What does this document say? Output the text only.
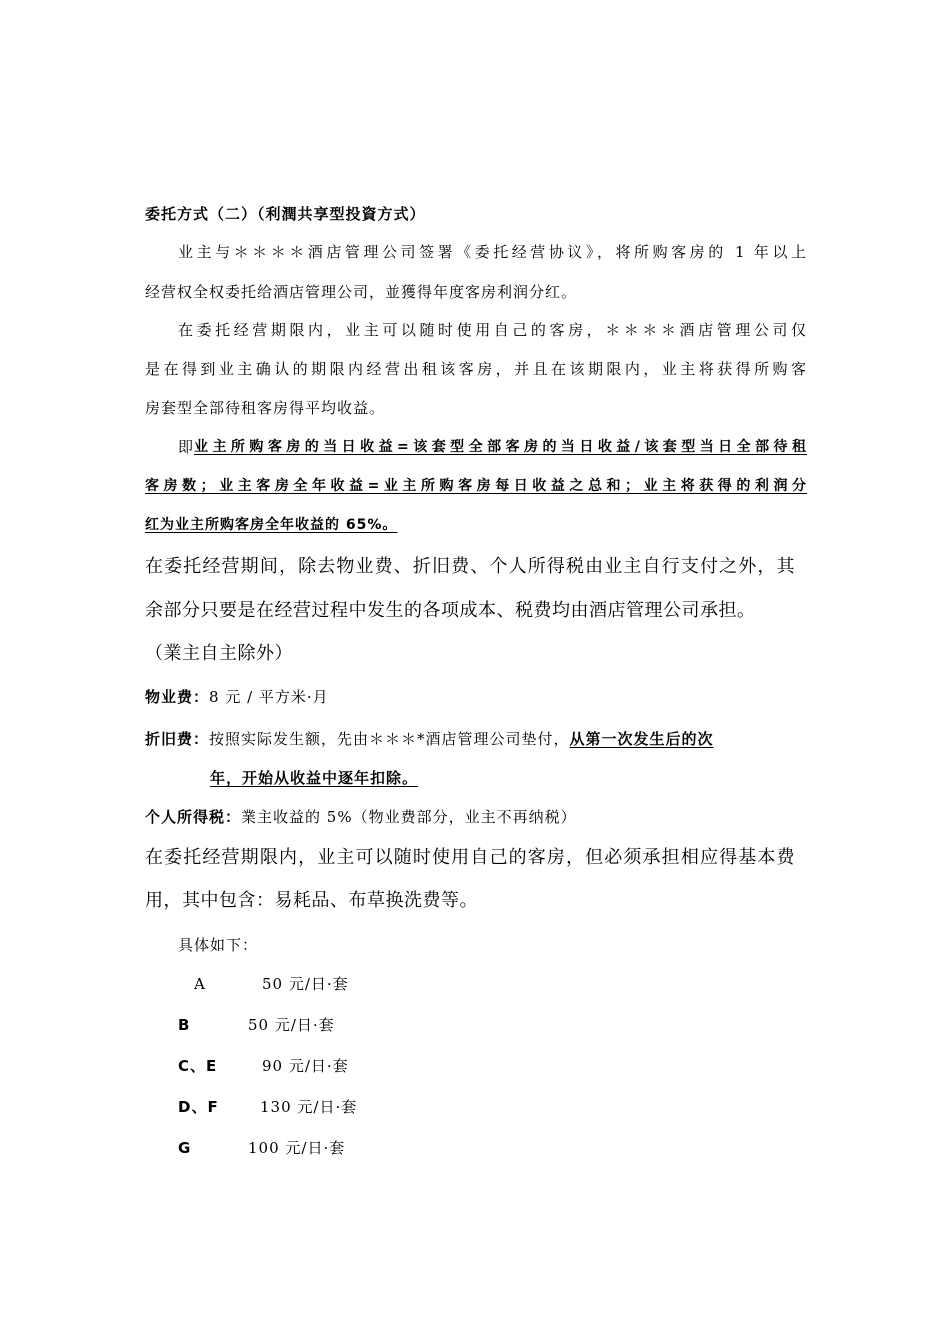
委托方式（二）（利潤共享型投資方式）
业主与＊＊＊＊酒店管理公司签署《委托经营协议》，将所购客房的 1 年以上
经营权全权委托给酒店管理公司，並獲得年度客房利润分红。
在委托经营期限内，业主可以随时使用自己的客房，＊＊＊＊酒店管理公司仅
是在得到业主确认的期限内经营出租该客房，并且在该期限内，业主将获得所购客
房套型全部待租客房得平均收益。
即 业主所购客房的当日收益=该套型全部客房的当日收益/该套型当日全部待租
客房数；业主客房全年收益=业主所购客房每日收益之总和；业主将获得的利润分
红为业主所购客房全年收益的 65%。
在委托经营期间，除去物业费、折旧费、个人所得税由业主自行支付之外，其
余部分只要是在经营过程中发生的各项成本、税费均由酒店管理公司承担。
（業主自主除外）
物业费：8 元 / 平方米·月
折旧费：按照实际发生额，先由＊＊＊*酒店管理公司垫付，从第一次发生后的次
年，开始从收益中逐年扣除。
个人所得税：業主收益的 5%（物业费部分，业主不再纳税）
在委托经营期限内，业主可以随时使用自己的客房，但必须承担相应得基本费
用，其中包含：易耗品、布草换洗费等。
具体如下：
A	50 元/日·套
B	50 元/日·套
C、E	90 元/日·套
D、F	130 元/日·套
G	100 元/日·套
